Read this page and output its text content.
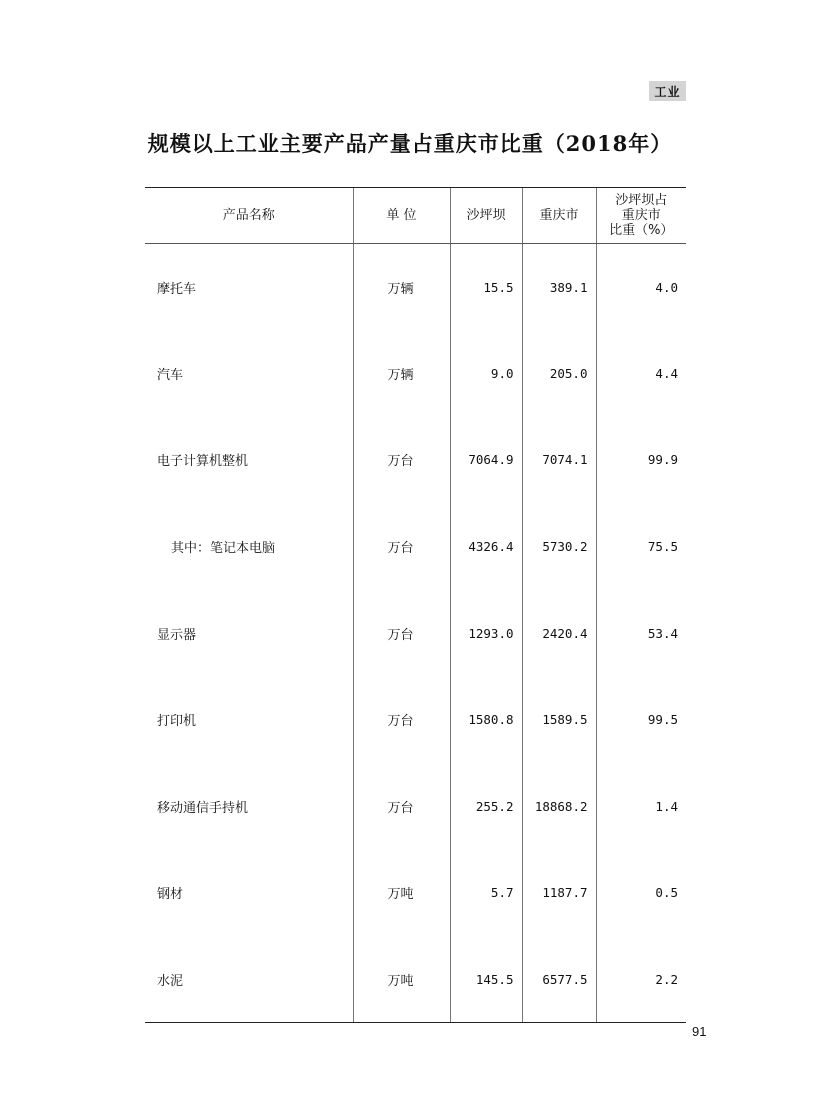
工业
规模以上工业主要产品产量占重庆市比重（2018年）
产品名称	单 位	沙坪坝	重庆市	沙坪坝占
重庆市
比重（%）

摩托车	万辆	15.5	389.1	4.0
汽车	万辆	9.0	205.0	4.4
电子计算机整机	万台	7064.9	7074.1	99.9
其中：笔记本电脑	万台	4326.4	5730.2	75.5
显示器	万台	1293.0	2420.4	53.4
打印机	万台	1580.8	1589.5	99.5
移动通信手持机	万台	255.2	18868.2	1.4
钢材	万吨	5.7	1187.7	0.5
水泥	万吨	145.5	6577.5	2.2
91
